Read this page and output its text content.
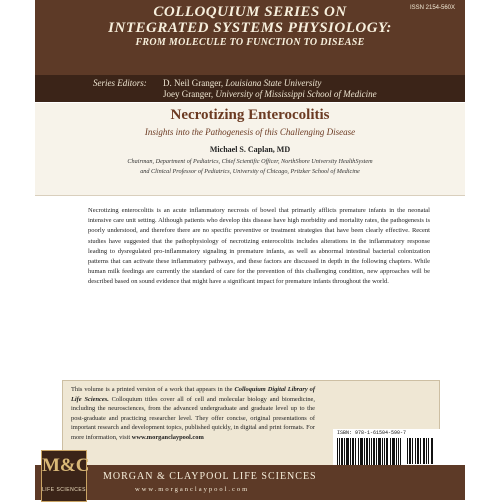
ISSN 2154-560X
COLLOQUIUM SERIES ON
INTEGRATED SYSTEMS PHYSIOLOGY:
FROM MOLECULE TO FUNCTION TO DISEASE
Series Editors: D. Neil Granger, Louisiana State University
Joey Granger, University of Mississippi School of Medicine
Necrotizing Enterocolitis
Insights into the Pathogenesis of this Challenging Disease
Michael S. Caplan, MD
Chairman, Department of Pediatrics, Chief Scientific Officer, NorthShore University HealthSystem
and Clinical Professor of Pediatrics, University of Chicago, Pritzker School of Medicine

Necrotizing enterocolitis is an acute inflammatory necrosis of bowel that primarily afflicts premature infants in the neonatal intensive care unit setting. Although patients who develop this disease have high morbidity and mortality rates, the pathogenesis is poorly understood, and therefore there are no specific preventive or treatment strategies that have been clearly effective. Recent studies have suggested that the pathophysiology of necrotizing enterocolitis includes alterations in the inflammatory response leading to dysregulated pro-inflammatory signaling in premature infants, as well as abnormal intestinal bacterial colonization patterns that can activate these inflammatory pathways, and these factors are discussed in depth in the following chapters. While human milk feedings are currently the standard of care for the prevention of this challenging condition, new approaches will be described based on sound evidence that might have a significant impact for premature infants throughout the world.

This volume is a printed version of a work that appears in the Colloquium Digital Library of Life Sciences. Colloquium titles cover all of cell and molecular biology and biomedicine, including the neurosciences, from the advanced undergraduate and graduate level up to the post-graduate and practicing researcher level. They offer concise, original presentations of important research and development topics, published quickly, in digital and print formats. For more information, visit www.morganclaypool.com

ISBN: 978-1-61504-590-7
M&C
LIFE SCIENCES
MORGAN & CLAYPOOL LIFE SCIENCES
www.morganclaypool.com
